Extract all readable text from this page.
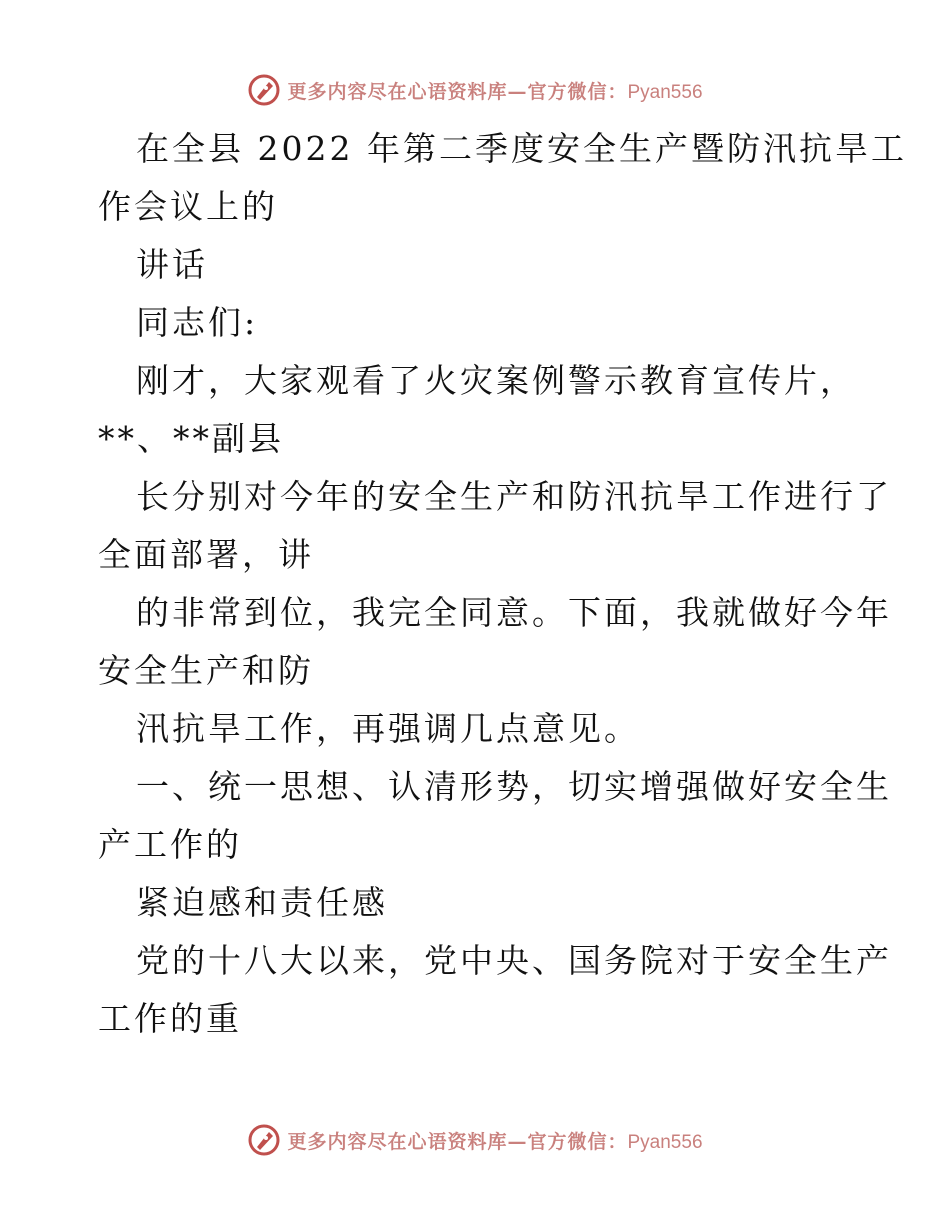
更多内容尽在心语资料库—官方微信：Pyan556
在全县 2022 年第二季度安全生产暨防汛抗旱工
作会议上的
讲话
同志们:
刚才，大家观看了火灾案例警示教育宣传片，
**、**副县
长分别对今年的安全生产和防汛抗旱工作进行了
全面部署，讲
的非常到位，我完全同意。下面，我就做好今年
安全生产和防
汛抗旱工作，再强调几点意见。
一、统一思想、认清形势，切实增强做好安全生
产工作的
紧迫感和责任感
党的十八大以来，党中央、国务院对于安全生产
工作的重
更多内容尽在心语资料库—官方微信：Pyan556
